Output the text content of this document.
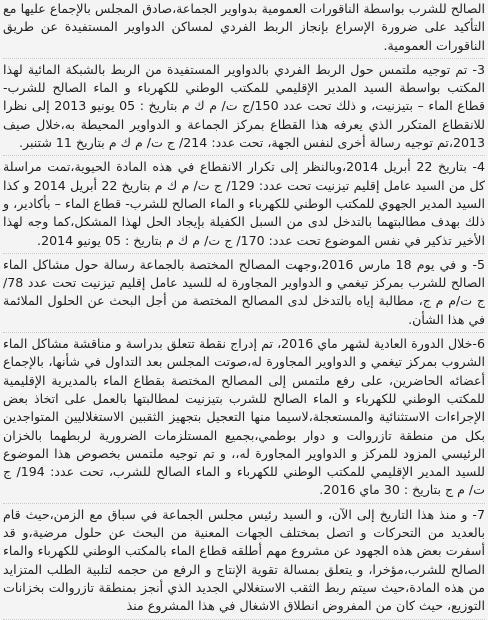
الصالح للشرب بواسطة الناقورات العمومية بدواوير الجماعة،صادق المجلس بالإجماع عليها مع التأكيد على ضرورة الإسراع بإنجاز الربط الفردي لمساكن الدواوير المستفيدة عن طريق الناقورات العمومية.

3- تم توجيه ملتمس حول الربط الفردي بالدواوير المستفيدة من الربط بالشبكة المائية لهذا المكتب بواسطة السيد المدير الإقليمي للمكتب الوطني للكهرباء و الماء الصالح للشرب- قطاع الماء – بتيزنيت، و ذلك تحت عدد 150/ج ت/ م ك م بتاريخ : 05 يونيو 2013 إلى نظرا للانقطاع المتكرر الذي يعرفه هذا القطاع بمركز الجماعة و الدواوير المحيطة به،خلال صيف 2013،تم توجيه رسالة أخرى لنفس الجهة، تحت عدد: 214/ ج ت/ م ك م بتاريخ 11 شتنبر.

4- بتاريخ 22 أبريل 2014،وبالنظر إلى تكرار الانقطاع في هذه المادة الحيوية،تمت مراسلة كل من السيد عامل إقليم تيزنيت تحت عدد: 129/ ج ت/ م ك م بتاريخ 22 أبريل 2014 و كذا السيد المدير الجهوي للمكتب الوطني للكهرباء و الماء الصالح للشرب- قطاع الماء – بأكادير، و ذلك بهدف مطالبتهما بالتدخل لدى من السبل الكفيلة بإيجاد الحل لهذا المشكل،كما وجه لهذا الأخير تذكير في نفس الموضوع تحت عدد: 170/ ج ت/ م ك م بتاريخ : 05 يونيو 2014.

5- و في يوم 18 مارس 2016،وجهت المصالح المختصة بالجماعة رسالة حول مشاكل الماء الصالح للشرب بمركز تيغمي و الدواوير المجاورة له للسيد عامل إقليم تيزنيت تحت عدد 78/ ج ت/م م ج، مطالبة إياه بالتدخل لدى المصالح المختصة من أجل البحث عن الحلول الملائمة في هذا الشأن.

6-خلال الدورة العادية لشهر ماي 2016، تم إدراج نقطة تتعلق بدراسة و مناقشة مشاكل الماء الشروب بمركز تيغمي و الدواوير المجاورة له،صوتت المجلس بعد التداول في شأنها، بالإجماع أعضائه الحاضرين، على رفع ملتمس إلى المصالح المختصة بقطاع الماء بالمديرية الإقليمية للمكتب الوطني للكهرباء و الماء الصالح للشرب بتيزنيت لمطالبتها بالعمل على اتخاذ بعض الإجراءات الاستثنائية والمستعجلة،لاسيما منها التعجيل بتجهيز الثقبين الاستغلاليين المتواجدين بكل من منطقة تازروالت و دوار بوطمي،بجميع المستلزمات الضرورية لربطهما بالخزان الرئيسي المزود للمركز و الدواوير المجاورة له،، و تم توجيه ملتمس بخصوص هذا الموضوع للسيد المدير الإقليمي للمكتب الوطني للكهرباء و الماء الصالح للشرب، تحت عدد: 194/ ج ت/ م ج بتاريخ : 30 ماي 2016.

7- و منذ هذا التاريخ إلى الآن، و السيد رئيس مجلس الجماعة في سباق مع الزمن،حيث قام بالعديد من التحركات و اتصل بمختلف الجهات المعنية من البحث عن حلول مرضية،و قد أسفرت بعض هذه الجهود عن مشروع مهم أطلقه قطاع الماء بالمكتب الوطني للكهرباء والماء الصالح للشرب،مؤخرا، و يتعلق بمسالة تقوية الإنتاج و الرفع من حجمه لتلبية الطلب المتزايد من هذه المادة،حيث سيتم ربط الثقب الاستغلالي الجديد الذي أنجز بمنطقة تازروالت بخزانات التوزيع، حيث كان من المفروض انطلاق الاشغال في هذا المشروع منذ
